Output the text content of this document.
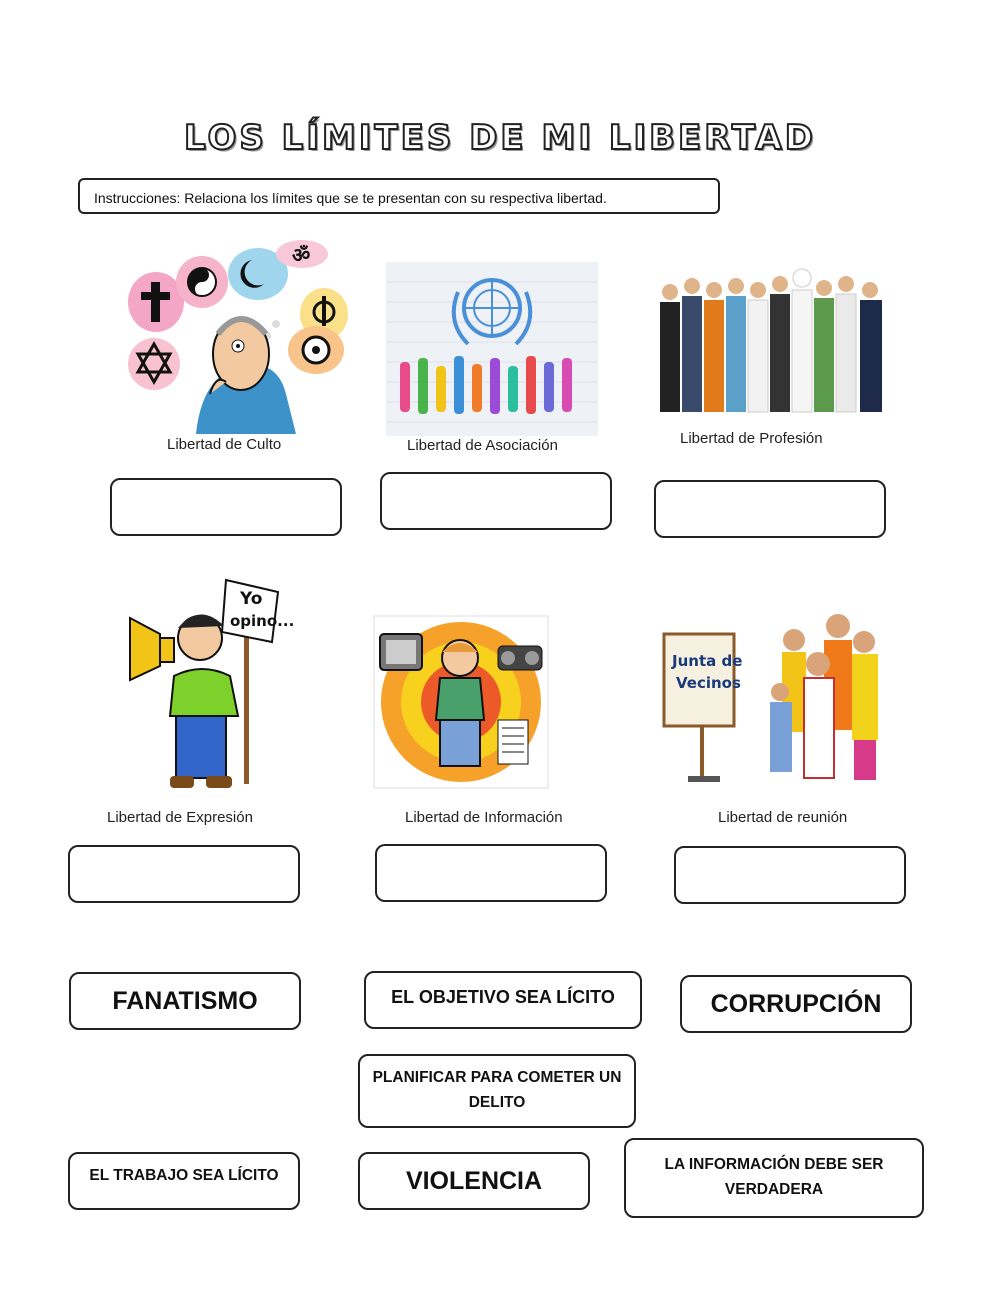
LOS LÍMITES DE MI LIBERTAD
Instrucciones: Relaciona los límites que se te presentan con su respectiva libertad.
ॐ
Libertad de Culto	Libertad de Asociación	Libertad de Profesión
Yo
opino...
Libertad de Expresión	Libertad de Información
Junta de
Vecinos
Libertad de reunión
FANATISMO	EL OBJETIVO SEA LÍCITO	CORRUPCIÓN
PLANIFICAR PARA COMETER UN DELITO
EL TRABAJO SEA LÍCITO	VIOLENCIA
LA INFORMACIÓN DEBE SER VERDADERA
